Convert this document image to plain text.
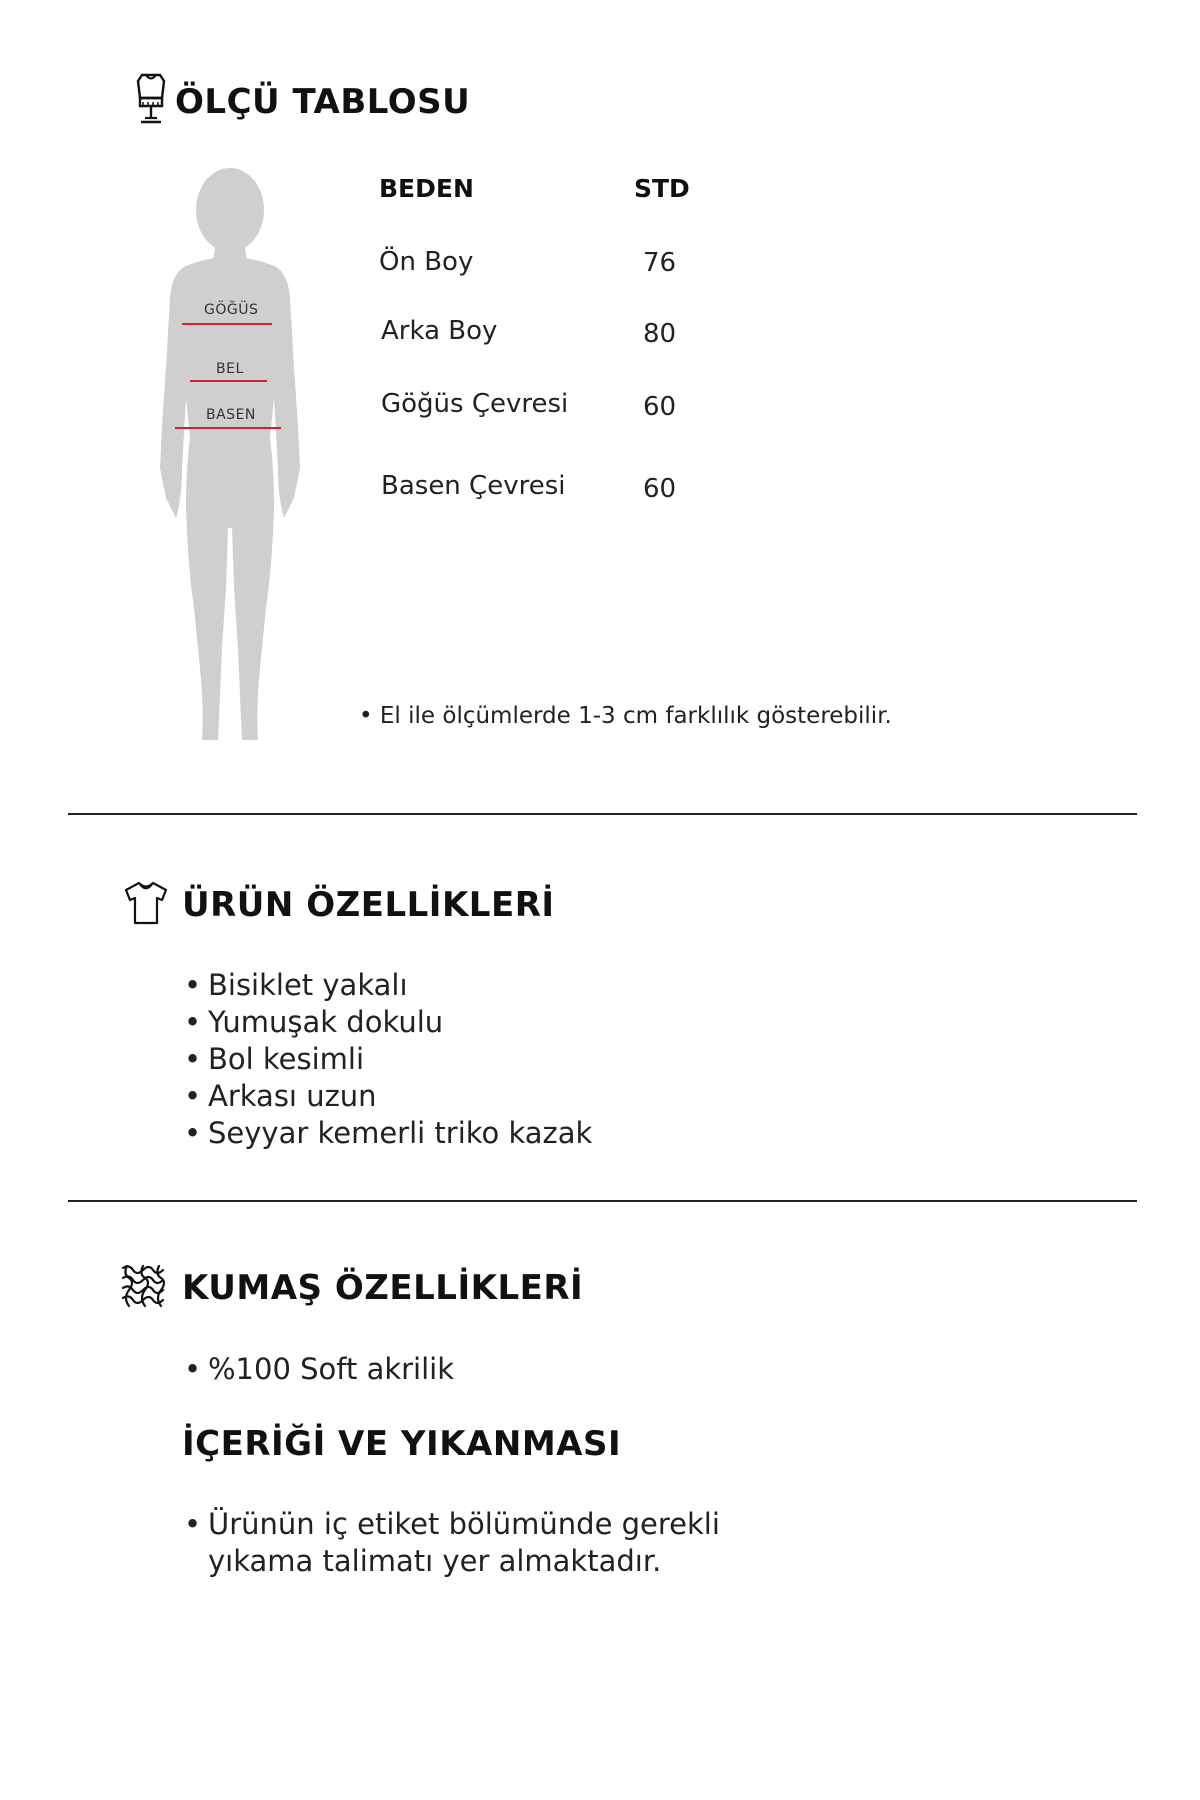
ÖLÇÜ TABLOSU
GÖĞÜS
BEL
BASEN
BEDEN	STD
Ön Boy	76
Arka Boy	80
Göğüs Çevresi	60
Basen Çevresi	60
• El ile ölçümlerde 1-3 cm farklılık gösterebilir.
ÜRÜN ÖZELLİKLERİ
• Bisiklet yakalı
• Yumuşak dokulu
• Bol kesimli
• Arkası uzun
• Seyyar kemerli triko kazak
KUMAŞ ÖZELLİKLERİ
• %100 Soft akrilik
İÇERİĞİ VE YIKANMASI
• Ürünün iç etiket bölümünde gerekli yıkama talimatı yer almaktadır.
